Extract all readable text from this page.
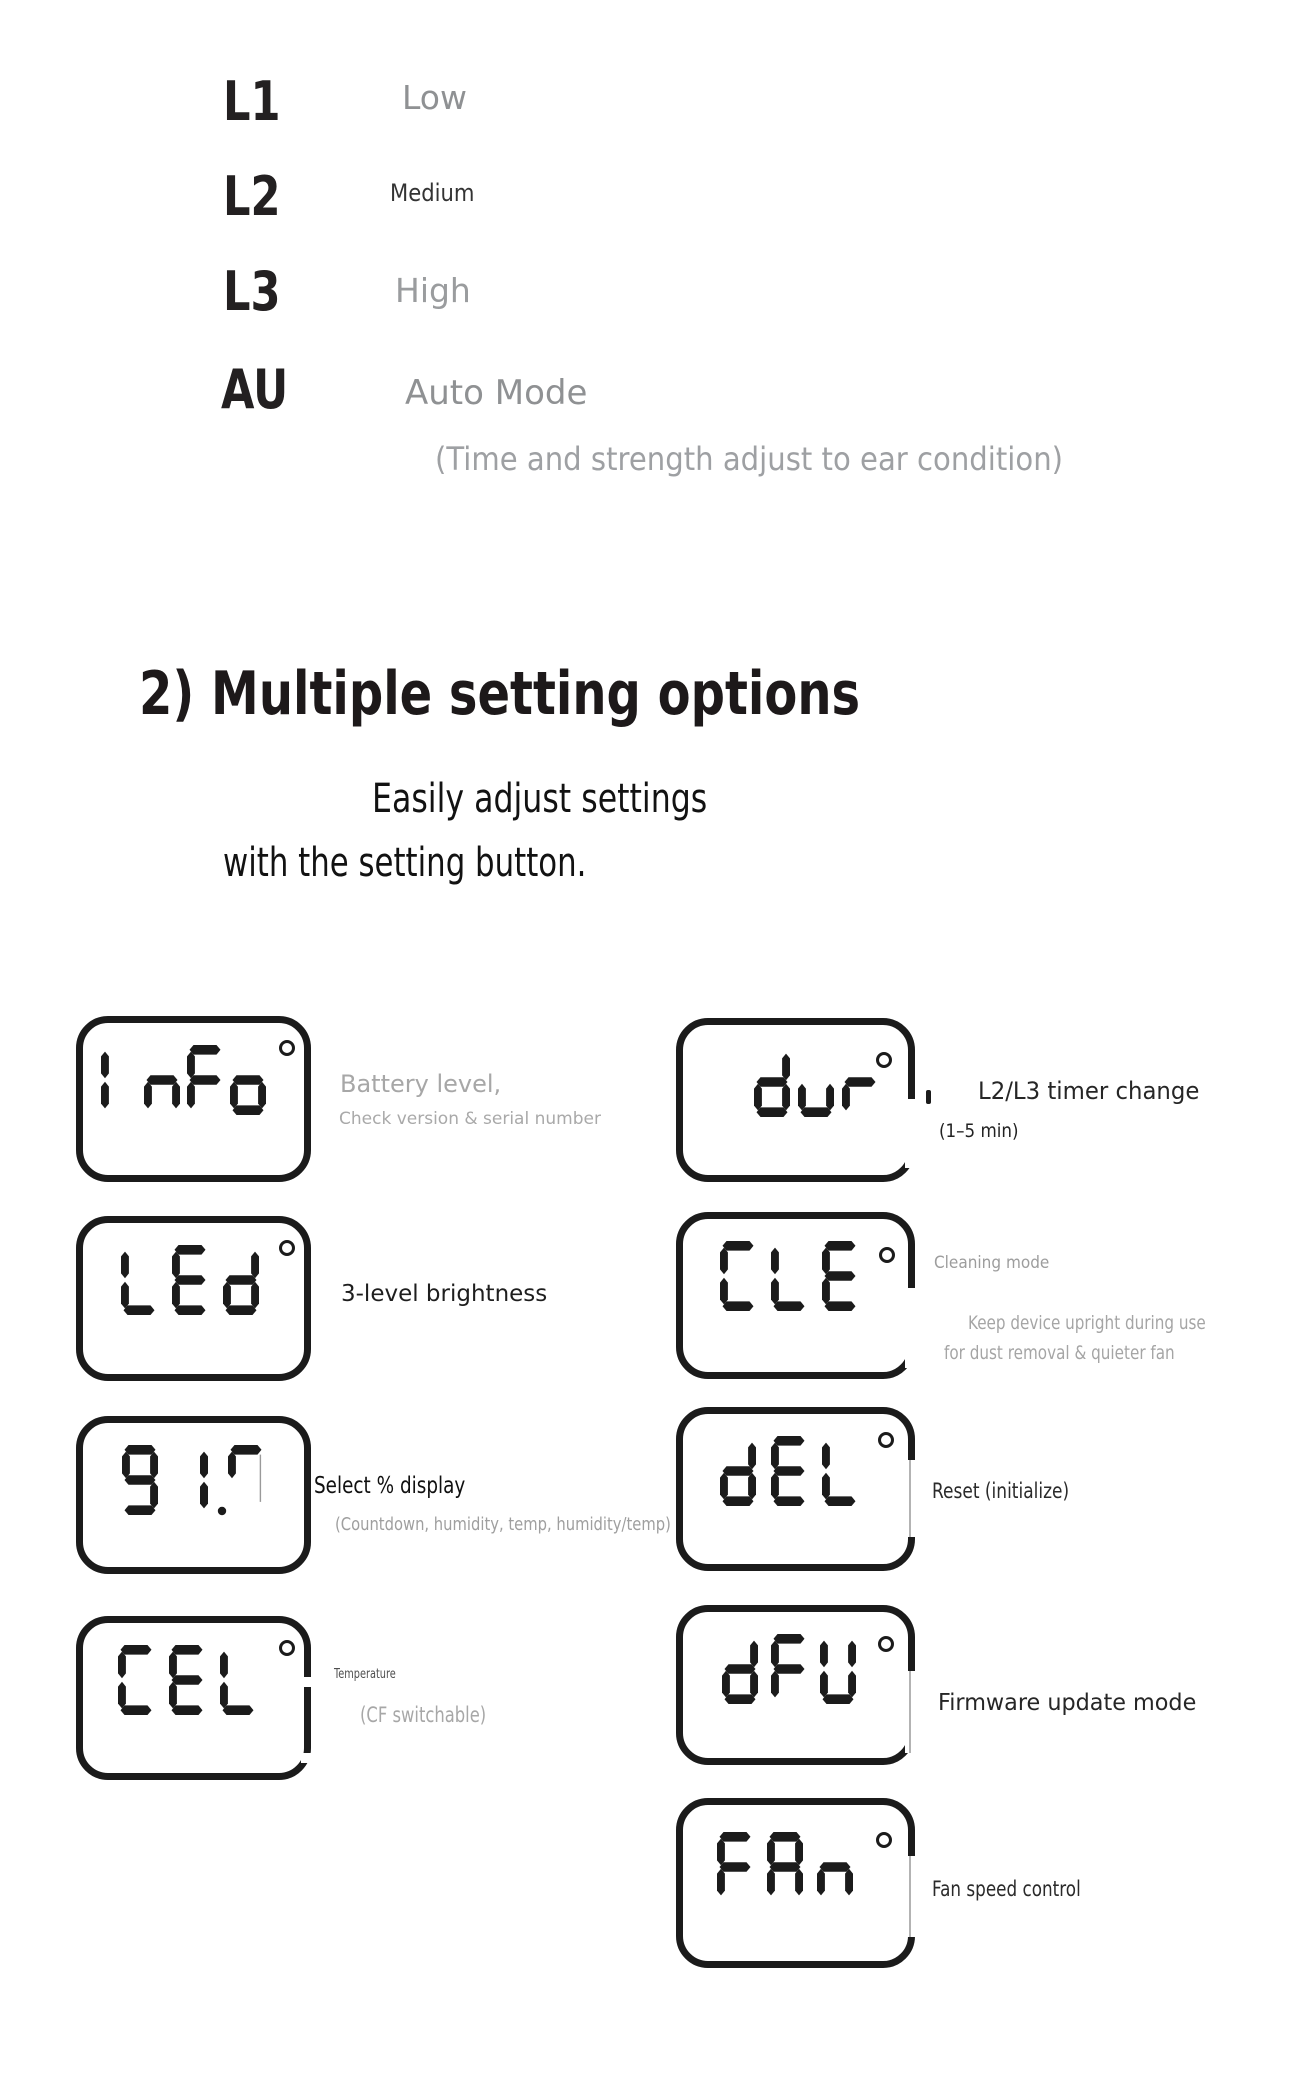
L1	Low
L2	Medium
L3	High
AU	Auto Mode
(Time and strength adjust to ear condition)
2) Multiple setting options
Easily adjust settings
with the setting button.
Battery level,
Check version & serial number
3-level brightness
Select % display
(Countdown, humidity, temp, humidity/temp)
Temperature
(CF switchable)
L2/L3 timer change
(1–5 min)
Cleaning mode
Keep device upright during use
for dust removal & quieter fan
Reset (initialize)
Firmware update mode
Fan speed control
